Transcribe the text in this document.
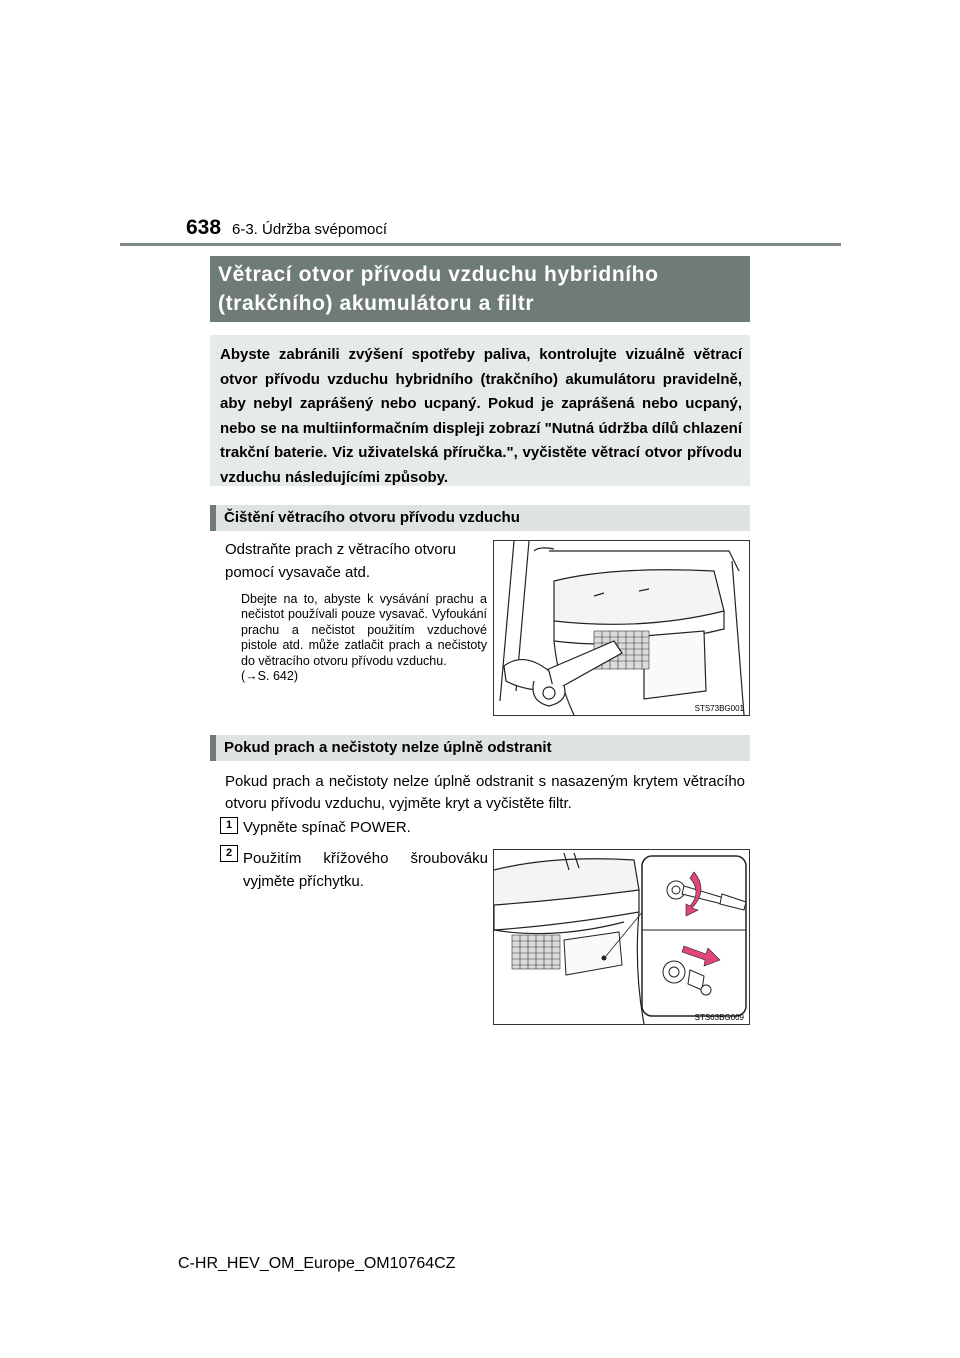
638 6-3. Údržba svépomocí
Větrací otvor přívodu vzduchu hybridního
(trakčního) akumulátoru a filtr
Abyste zabránili zvýšení spotřeby paliva, kontrolujte vizuálně větrací otvor přívodu vzduchu hybridního (trakčního) akumulátoru pravidelně, aby nebyl zaprášený nebo ucpaný. Pokud je zaprášená nebo ucpaný, nebo se na multiinformačním displeji zobrazí "Nutná údržba dílů chlazení trakční baterie. Viz uživatelská příručka.", vyčistěte větrací otvor přívodu vzduchu následujícími způsoby.
Čištění větracího otvoru přívodu vzduchu
Odstraňte prach z větracího otvoru pomocí vysavače atd.
Dbejte na to, abyste k vysávání prachu a nečistot používali pouze vysavač. Vyfoukání prachu a nečistot použitím vzduchové pistole atd. může zatlačit prach a nečistoty do větracího otvoru přívodu vzduchu.
(→S. 642)
STS73BG001
Pokud prach a nečistoty nelze úplně odstranit
Pokud prach a nečistoty nelze úplně odstranit s nasazeným krytem větracího otvoru přívodu vzduchu, vyjměte kryt a vyčistěte filtr.
1 Vypněte spínač POWER.
2 Použitím křížového šroubováku vyjměte příchytku.
STS63BG009
C-HR_HEV_OM_Europe_OM10764CZ
